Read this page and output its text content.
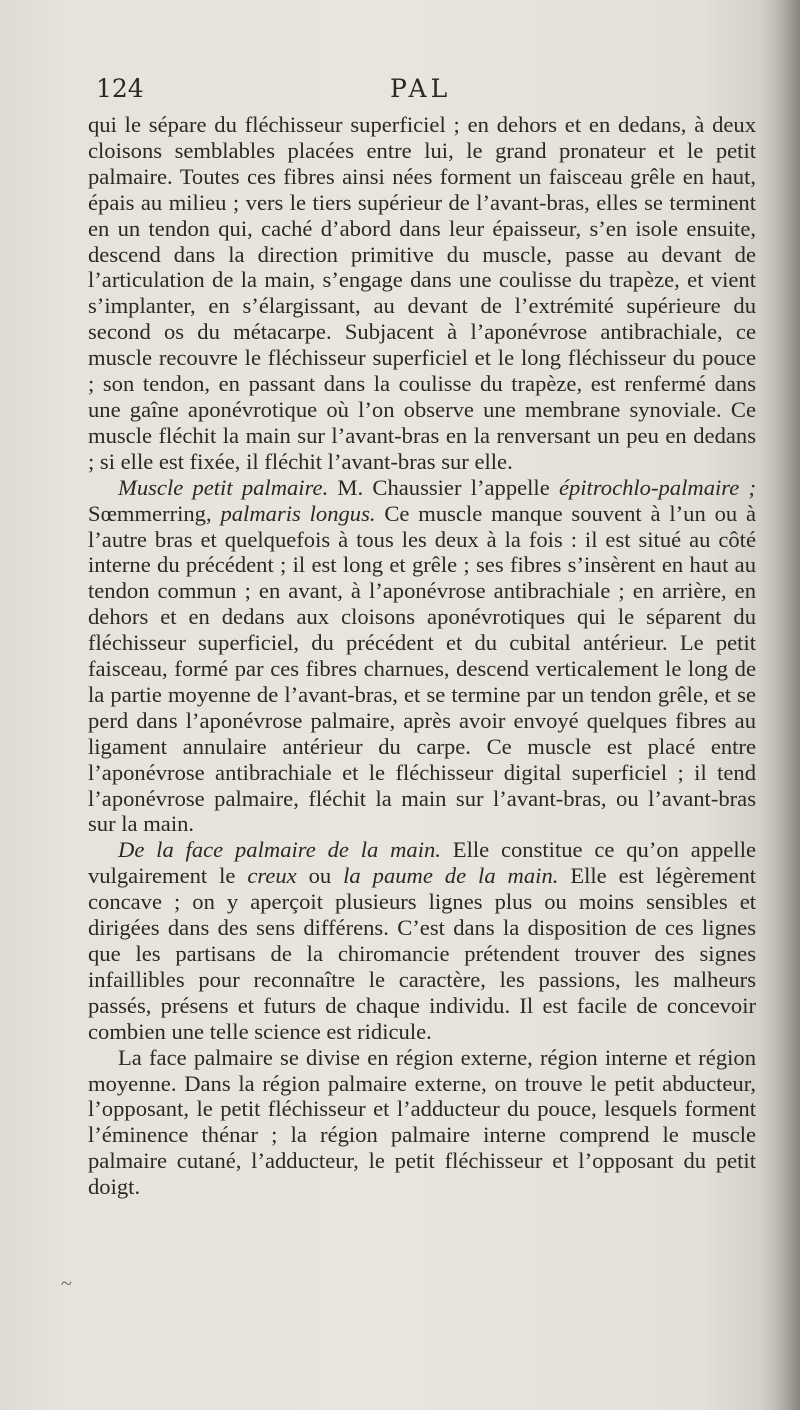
124	PAL

qui le sépare du fléchisseur superficiel ; en dehors et en dedans, à deux cloisons semblables placées entre lui, le grand pronateur et le petit palmaire. Toutes ces fibres ainsi nées forment un faisceau grêle en haut, épais au milieu ; vers le tiers supérieur de l’avant-bras, elles se terminent en un tendon qui, caché d’abord dans leur épaisseur, s’en isole ensuite, descend dans la direction primitive du muscle, passe au devant de l’articulation de la main, s’engage dans une coulisse du trapèze, et vient s’implanter, en s’élargissant, au devant de l’extrémité supérieure du second os du métacarpe. Subjacent à l’aponévrose antibrachiale, ce muscle recouvre le fléchisseur superficiel et le long fléchisseur du pouce ; son tendon, en passant dans la coulisse du trapèze, est renfermé dans une gaîne aponévrotique où l’on observe une membrane synoviale. Ce muscle fléchit la main sur l’avant-bras en la renversant un peu en dedans ; si elle est fixée, il fléchit l’avant-bras sur elle.

Muscle petit palmaire. M. Chaussier l’appelle épitrochlo-palmaire ; Sœmmerring, palmaris longus. Ce muscle manque souvent à l’un ou à l’autre bras et quelquefois à tous les deux à la fois : il est situé au côté interne du précédent ; il est long et grêle ; ses fibres s’insèrent en haut au tendon commun ; en avant, à l’aponévrose antibrachiale ; en arrière, en dehors et en dedans aux cloisons aponévrotiques qui le séparent du fléchisseur superficiel, du précédent et du cubital antérieur. Le petit faisceau, formé par ces fibres charnues, descend verticalement le long de la partie moyenne de l’avant-bras, et se termine par un tendon grêle, et se perd dans l’aponévrose palmaire, après avoir envoyé quelques fibres au ligament annulaire antérieur du carpe. Ce muscle est placé entre l’aponévrose antibrachiale et le fléchisseur digital superficiel ; il tend l’aponévrose palmaire, fléchit la main sur l’avant-bras, ou l’avant-bras sur la main.

De la face palmaire de la main. Elle constitue ce qu’on appelle vulgairement le creux ou la paume de la main. Elle est légèrement concave ; on y aperçoit plusieurs lignes plus ou moins sensibles et dirigées dans des sens différens. C’est dans la disposition de ces lignes que les partisans de la chiromancie prétendent trouver des signes infaillibles pour reconnaître le caractère, les passions, les malheurs passés, présens et futurs de chaque individu. Il est facile de concevoir combien une telle science est ridicule.

La face palmaire se divise en région externe, région interne et région moyenne. Dans la région palmaire externe, on trouve le petit abducteur, l’opposant, le petit fléchisseur et l’adducteur du pouce, lesquels forment l’éminence thénar ; la région palmaire interne comprend le muscle palmaire cutané, l’adducteur, le petit fléchisseur et l’opposant du petit doigt.

~
